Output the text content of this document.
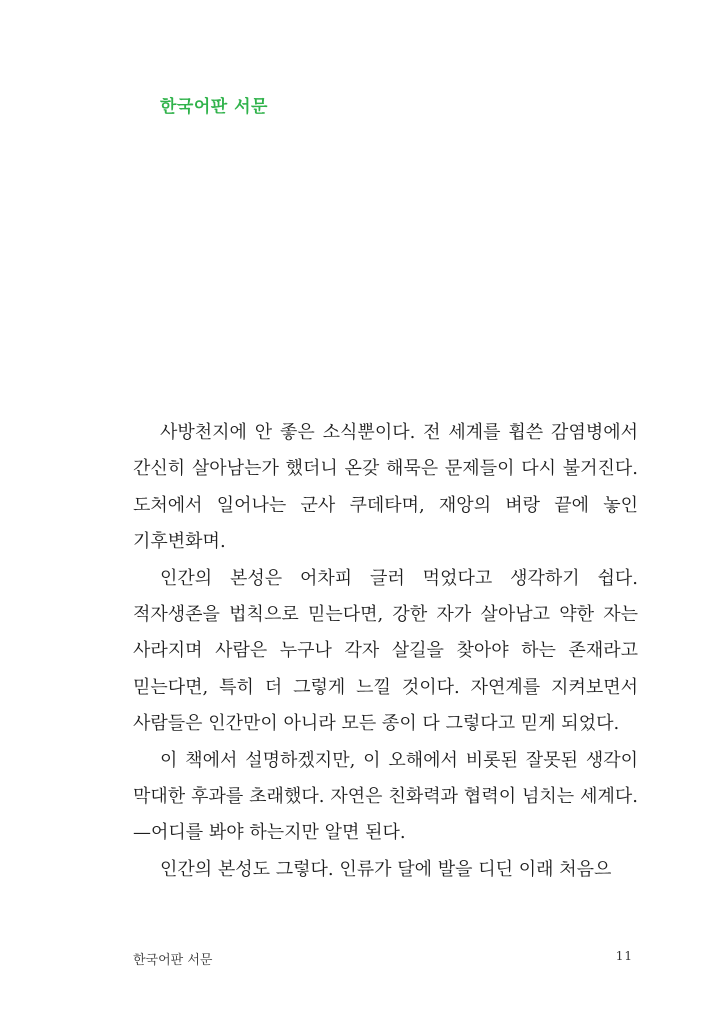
한국어판 서문

사방천지에 안 좋은 소식뿐이다. 전 세계를 휩쓴 감염병에서 간신히 살아남는가 했더니 온갖 해묵은 문제들이 다시 불거진다. 도처에서 일어나는 군사 쿠데타며, 재앙의 벼랑 끝에 놓인 기후변화며.

인간의 본성은 어차피 글러 먹었다고 생각하기 쉽다. 적자생존을 법칙으로 믿는다면, 강한 자가 살아남고 약한 자는 사라지며 사람은 누구나 각자 살길을 찾아야 하는 존재라고 믿는다면, 특히 더 그렇게 느낄 것이다. 자연계를 지켜보면서 사람들은 인간만이 아니라 모든 종이 다 그렇다고 믿게 되었다.

이 책에서 설명하겠지만, 이 오해에서 비롯된 잘못된 생각이 막대한 후과를 초래했다. 자연은 친화력과 협력이 넘치는 세계다.—어디를 봐야 하는지만 알면 된다.

인간의 본성도 그렇다. 인류가 달에 발을 디딘 이래 처음으

한국어판 서문	11
